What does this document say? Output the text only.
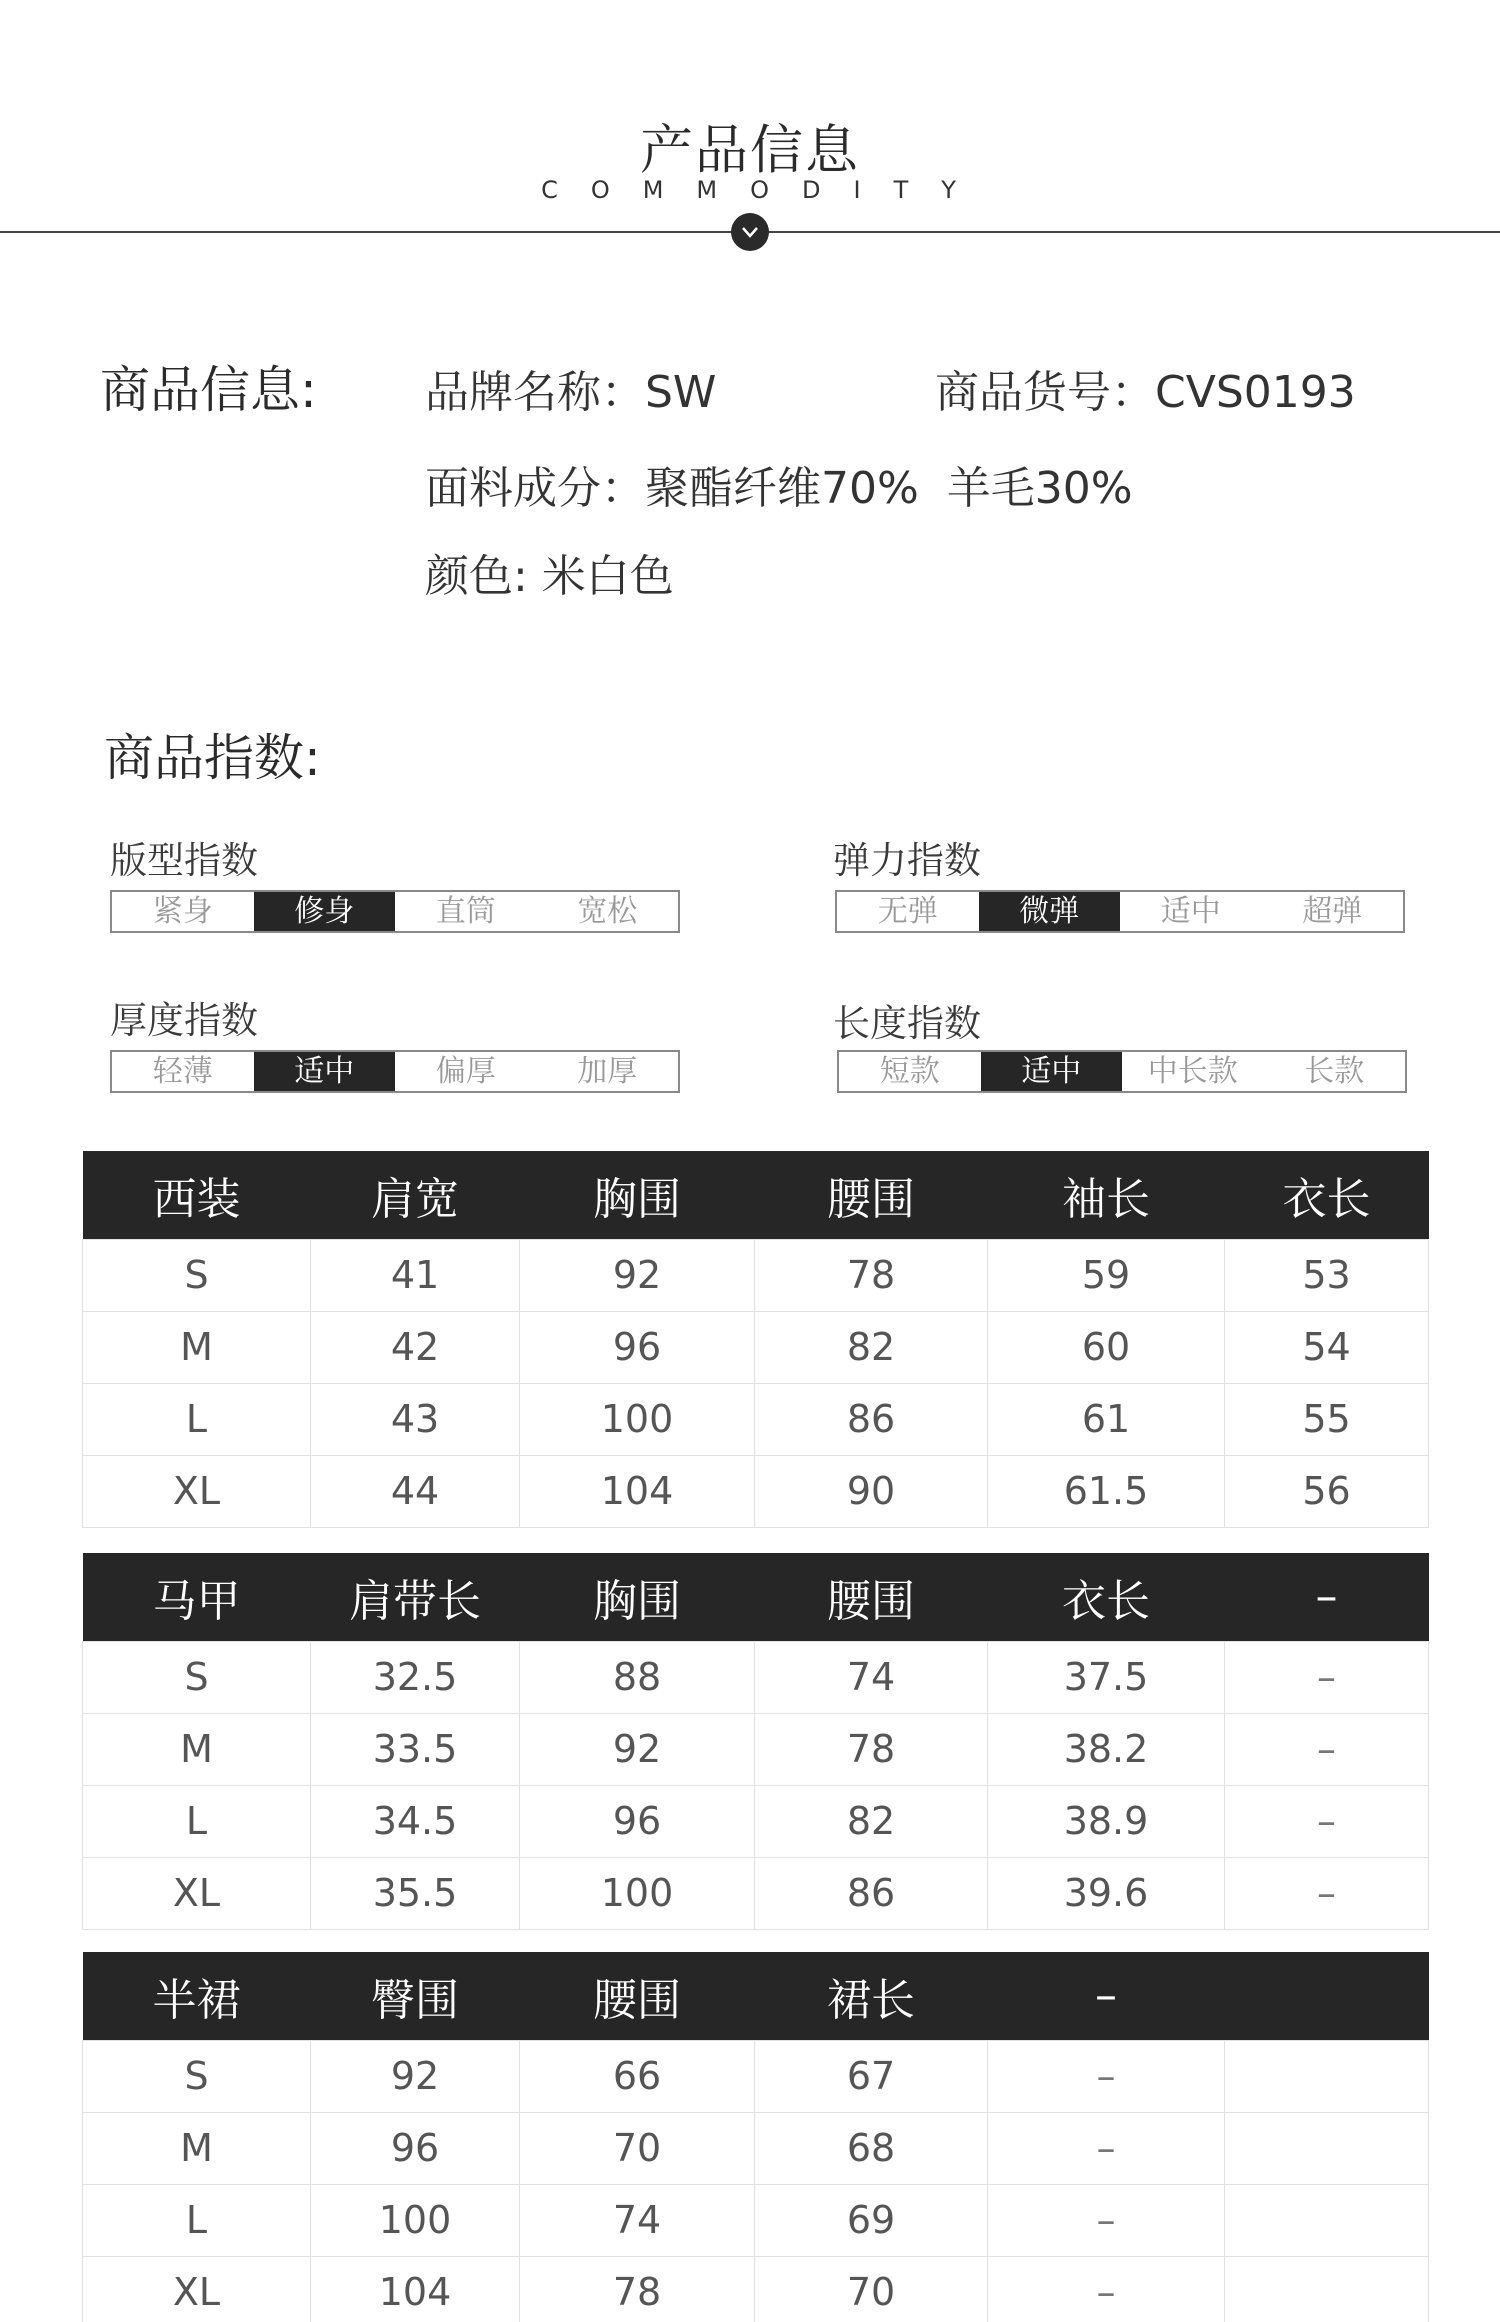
产品信息
COMMODITY
商品信息: 品牌名称：SW	商品货号：CVS0193
面料成分：聚酯纤维70%  羊毛30%
颜色: 米白色
商品指数:
版型指数
紧身	修身	直筒	宽松
弹力指数
无弹	微弹	适中	超弹
厚度指数
轻薄	适中	偏厚	加厚
长度指数
短款	适中	中长款	长款
西装	肩宽	胸围	腰围	袖长	衣长
S	41	92	78	59	53
M	42	96	82	60	54
L	43	100	86	61	55
XL	44	104	90	61.5	56
马甲	肩带长	胸围	腰围	衣长	–
S	32.5	88	74	37.5	–
M	33.5	92	78	38.2	–
L	34.5	96	82	38.9	–
XL	35.5	100	86	39.6	–
半裙	臀围	腰围	裙长	–	
S	92	66	67	–	
M	96	70	68	–	
L	100	74	69	–	
XL	104	78	70	–	
